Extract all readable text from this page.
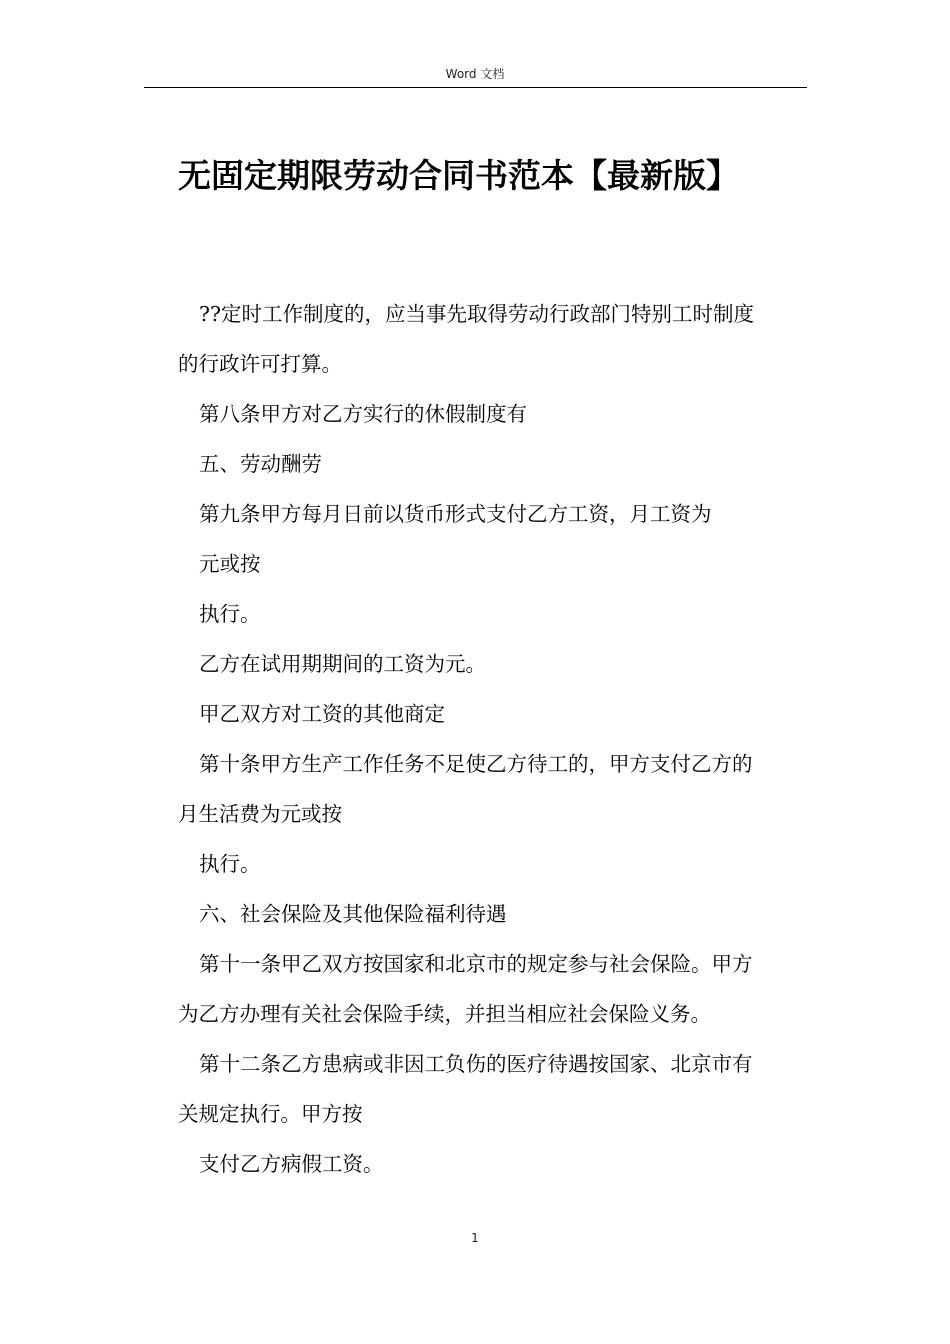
Word 文档
无固定期限劳动合同书范本【最新版】

??定时工作制度的，应当事先取得劳动行政部门特别工时制度

的行政许可打算。

第八条甲方对乙方实行的休假制度有

五、劳动酬劳

第九条甲方每月日前以货币形式支付乙方工资，月工资为

元或按

执行。

乙方在试用期期间的工资为元。

甲乙双方对工资的其他商定

第十条甲方生产工作任务不足使乙方待工的，甲方支付乙方的

月生活费为元或按

执行。

六、社会保险及其他保险福利待遇

第十一条甲乙双方按国家和北京市的规定参与社会保险。甲方

为乙方办理有关社会保险手续，并担当相应社会保险义务。

第十二条乙方患病或非因工负伤的医疗待遇按国家、北京市有

关规定执行。甲方按

支付乙方病假工资。

1
